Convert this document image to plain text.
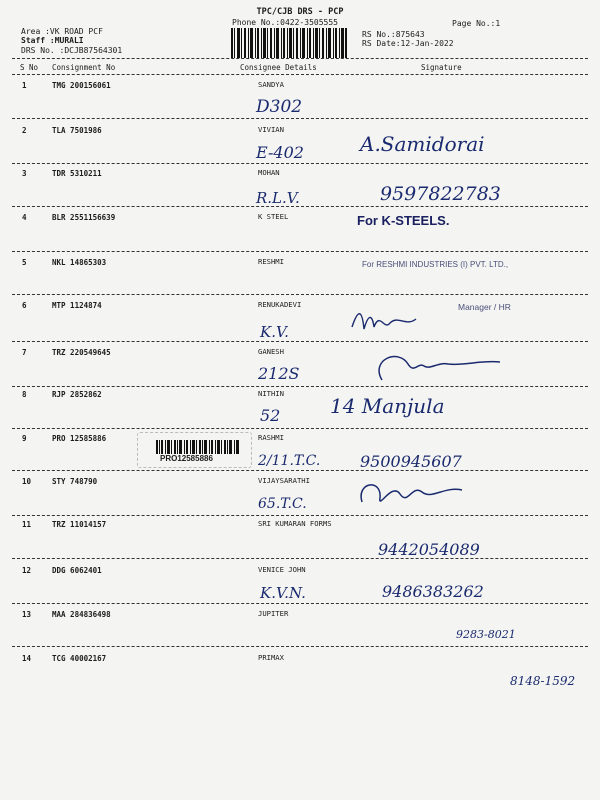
TPC/CJB DRS - PCP
Phone No.:0422-3505555	Page No.:1
Area :VK ROAD PCF
Staff :MURALI
DRS No. :DCJB87564301
RS No.:875643
RS Date:12-Jan-2022
S No Consignment No	Consignee Details	Signature
1	TMG 200156061	SANDYA
D302
2	TLA 7501986	VIVIAN
E-402	A.Samidorai
3	TDR 5310211	MOHAN
R.L.V.	9597822783
4	BLR 2551156639	K STEEL	For K-STEELS.
5	NKL 14865303	RESHMI	For RESHMI INDUSTRIES (I) PVT. LTD.,
6	MTP 1124874	RENUKADEVI
K.V.
Manager / HR
7	TRZ 220549645	GANESH
212S
8	RJP 2852862	NITHIN
52 14 Manjula
9	PRO 12585886	RASHMI
2/11.T.C. 9500945607
PRO12585886
10	STY 748790	VIJAYSARATHI
65.T.C.
11	TRZ 11014157	SRI KUMARAN FORMS
9442054089
12	DDG 6062401	VENICE JOHN
K.V.N.	9486383262
13	MAA 284836498	JUPITER
9283-8021
14	TCG 40002167	PRIMAX
8148-1592
